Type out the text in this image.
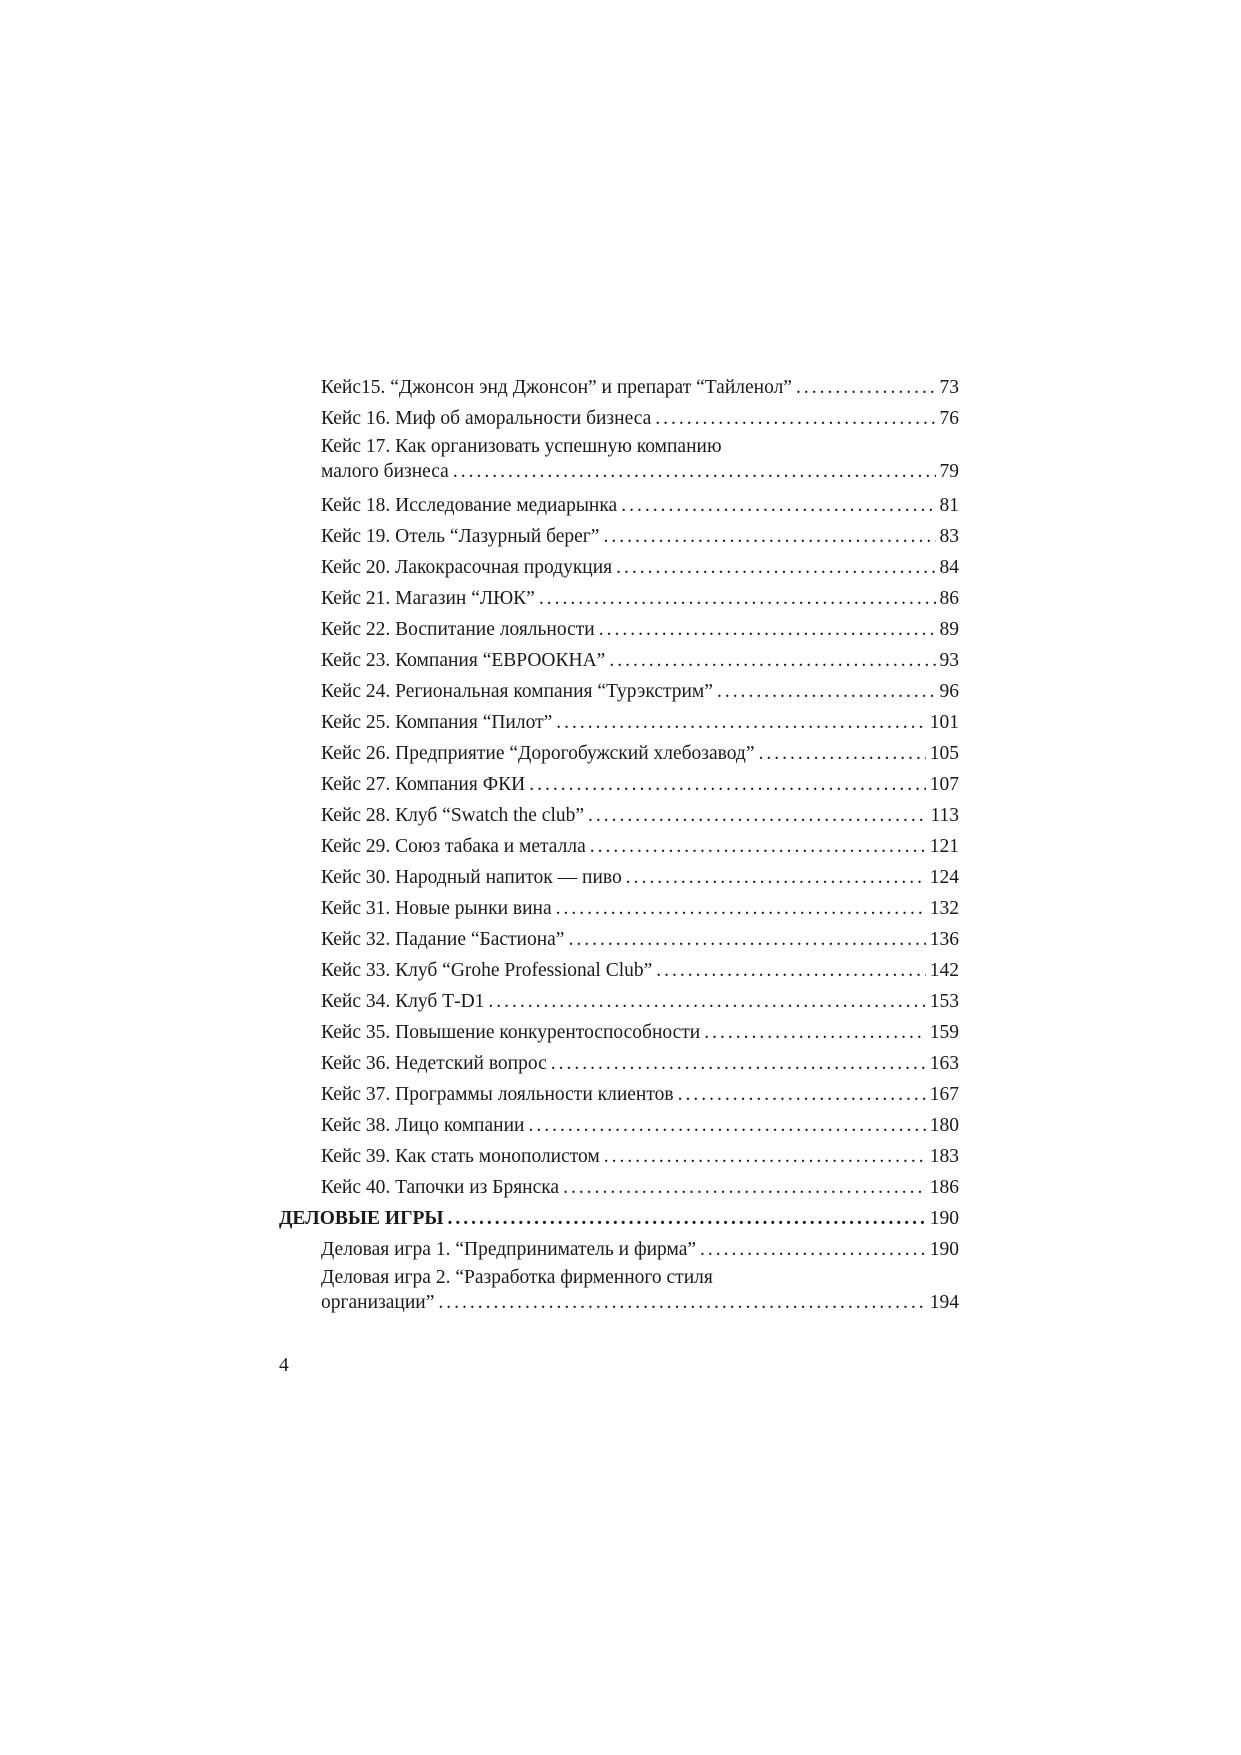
Кейс15. “Джонсон энд Джонсон” и препарат “Тайленол” .....	73
Кейс 16. Миф об аморальности бизнеса .....	76
Кейс 17. Как организовать успешную компанию
малого бизнеса .....	79
Кейс 18. Исследование медиарынка .....	81
Кейс 19. Отель “Лазурный берег” .....	83
Кейс 20. Лакокрасочная продукция .....	84
Кейс 21. Магазин “ЛЮК” .....	86
Кейс 22. Воспитание лояльности .....	89
Кейс 23. Компания “ЕВРООКНА” .....	93
Кейс 24. Региональная компания “Турэкстрим” .....	96
Кейс 25. Компания “Пилот” .....	101
Кейс 26. Предприятие “Дорогобужский хлебозавод” .....	105
Кейс 27. Компания ФКИ .....	107
Кейс 28. Клуб “Swatch the club” .....	113
Кейс 29. Союз табака и металла .....	121
Кейс 30. Народный напиток — пиво .....	124
Кейс 31. Новые рынки вина .....	132
Кейс 32. Падание “Бастиона” .....	136
Кейс 33. Клуб “Grohe Professional Club” .....	142
Кейс 34. Клуб Т-D1 .....	153
Кейс 35. Повышение конкурентоспособности .....	159
Кейс 36. Недетский вопрос .....	163
Кейс 37. Программы лояльности клиентов .....	167
Кейс 38. Лицо компании .....	180
Кейс 39. Как стать монополистом .....	183
Кейс 40. Тапочки из Брянска .....	186
ДЕЛОВЫЕ ИГРЫ .....	190
Деловая игра 1. “Предприниматель и фирма” .....	190
Деловая игра 2. “Разработка фирменного стиля
организации” .....	194
4
